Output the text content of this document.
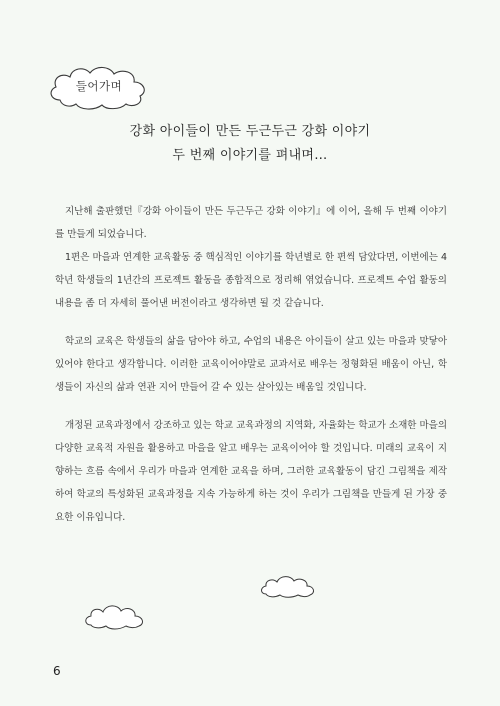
들어가며
강화 아이들이 만든 두근두근 강화 이야기
두 번째 이야기를 펴내며…

지난해 출판했던『강화 아이들이 만든 두근두근 강화 이야기』에 이어, 올해 두 번째 이야기를 만들게 되었습니다.

1편은 마을과 연계한 교육활동 중 핵심적인 이야기를 학년별로 한 편씩 담았다면, 이번에는 4학년 학생들의 1년간의 프로젝트 활동을 종합적으로 정리해 엮었습니다. 프로젝트 수업 활동의 내용을 좀 더 자세히 풀어낸 버전이라고 생각하면 될 것 같습니다.

학교의 교육은 학생들의 삶을 담아야 하고, 수업의 내용은 아이들이 살고 있는 마을과 맞닿아 있어야 한다고 생각합니다. 이러한 교육이어야말로 교과서로 배우는 정형화된 배움이 아닌, 학생들이 자신의 삶과 연관 지어 만들어 갈 수 있는 살아있는 배움일 것입니다.

개정된 교육과정에서 강조하고 있는 학교 교육과정의 지역화, 자율화는 학교가 소재한 마을의 다양한 교육적 자원을 활용하고 마을을 알고 배우는 교육이어야 할 것입니다. 미래의 교육이 지향하는 흐름 속에서 우리가 마을과 연계한 교육을 하며, 그러한 교육활동이 담긴 그림책을 제작하여 학교의 특성화된 교육과정을 지속 가능하게 하는 것이 우리가 그림책을 만들게 된 가장 중요한 이유입니다.

6
